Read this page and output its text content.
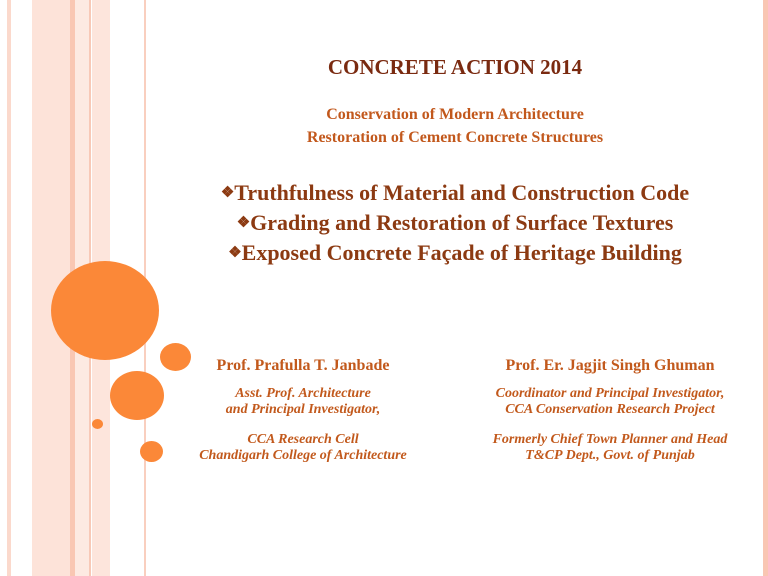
CONCRETE ACTION 2014
Conservation of Modern Architecture
Restoration of Cement Concrete Structures
❖Truthfulness of Material and Construction Code
❖Grading and Restoration of Surface Textures
❖Exposed Concrete Façade of Heritage Building
Prof. Prafulla T. Janbade
Asst. Prof. Architecture
and Principal Investigator,
CCA Research Cell
Chandigarh College of Architecture
Prof. Er. Jagjit Singh Ghuman
Coordinator and Principal Investigator,
CCA Conservation Research Project
Formerly Chief Town Planner and Head
T&CP Dept., Govt. of Punjab
